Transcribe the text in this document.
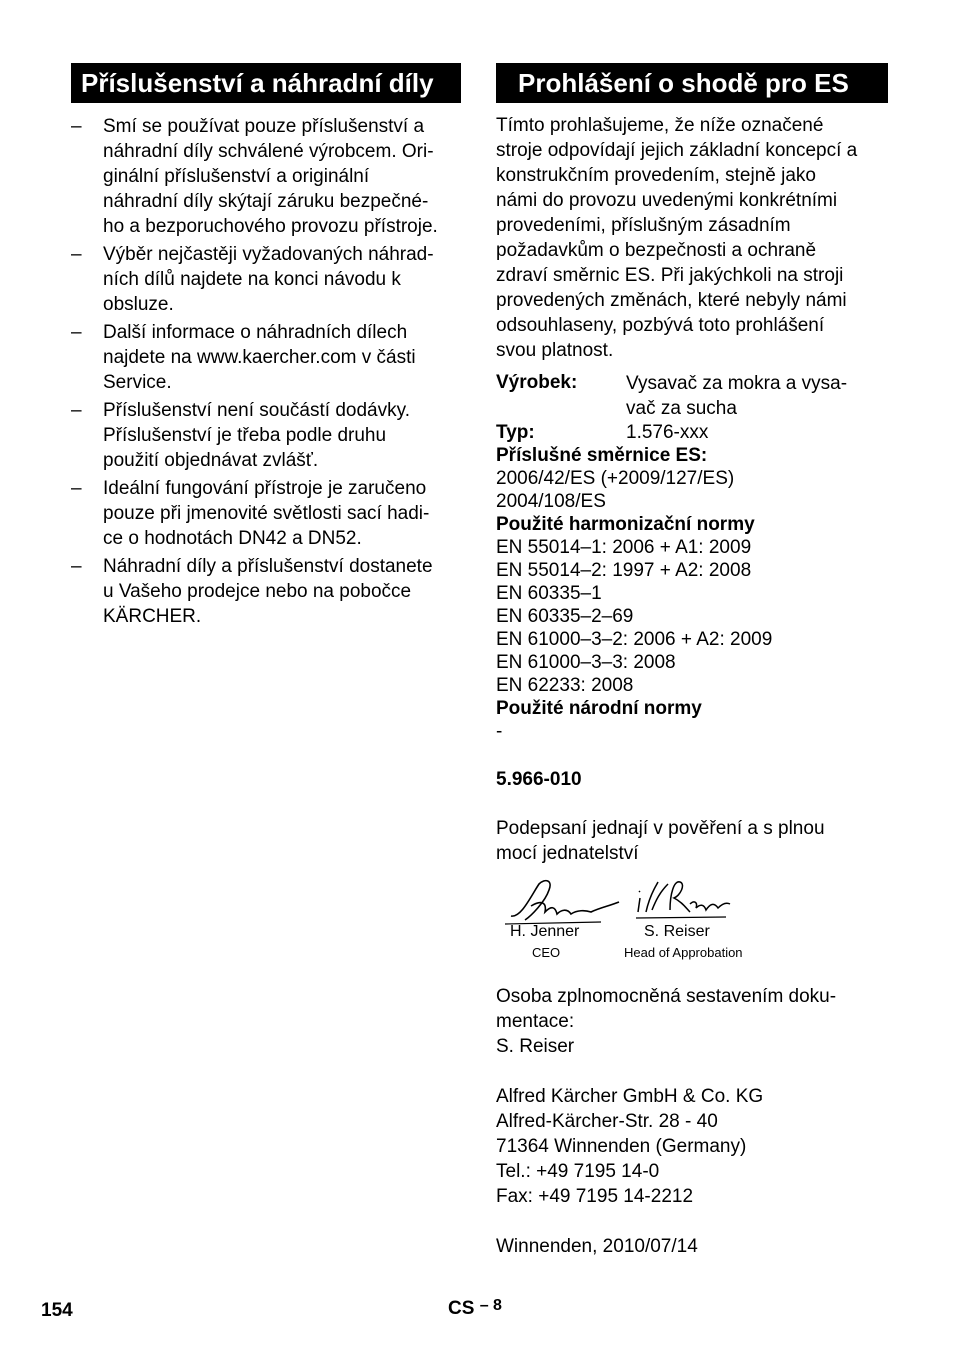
Příslušenství a náhradní díly
– Smí se používat pouze příslušenství a
náhradní díly schválené výrobcem. Ori-
ginální příslušenství a originální
náhradní díly skýtají záruku bezpečné-
ho a bezporuchového provozu přístroje.
– Výběr nejčastěji vyžadovaných náhrad-
ních dílů najdete na konci návodu k
obsluze.
– Další informace o náhradních dílech
najdete na www.kaercher.com v části
Service.
– Příslušenství není součástí dodávky.
Příslušenství je třeba podle druhu
použití objednávat zvlášť.
– Ideální fungování přístroje je zaručeno
pouze při jmenovité světlosti sací hadi-
ce o hodnotách DN42 a DN52.
– Náhradní díly a příslušenství dostanete
u Vašeho prodejce nebo na pobočce
KÄRCHER.
Prohlášení o shodě pro ES
Tímto prohlašujeme, že níže označené
stroje odpovídají jejich základní koncepcí a
konstrukčním provedením, stejně jako
námi do provozu uvedenými konkrétními
provedeními, příslušným zásadním
požadavkům o bezpečnosti a ochraně
zdraví směrnic ES. Při jakýchkoli na stroji
provedených změnách, které nebyly námi
odsouhlaseny, pozbývá toto prohlášení
svou platnost.
Výrobek:	Vysavač za mokra a vysa-
vač za sucha
Typ:	1.576-xxx
Příslušné směrnice ES:
2006/42/ES (+2009/127/ES)
2004/108/ES
Použité harmonizační normy
EN 55014–1: 2006 + A1: 2009
EN 55014–2: 1997 + A2: 2008
EN 60335–1
EN 60335–2–69
EN 61000–3–2: 2006 + A2: 2009
EN 61000–3–3: 2008
EN 62233: 2008
Použité národní normy
-
5.966-010
Podepsaní jednají v pověření a s plnou
mocí jednatelství
H. Jenner
CEO
S. Reiser
Head of Approbation
Osoba zplnomocněná sestavením doku-
mentace:
S. Reiser
Alfred Kärcher GmbH & Co. KG
Alfred-Kärcher-Str. 28 - 40
71364 Winnenden (Germany)
Tel.: +49 7195 14-0
Fax: +49 7195 14-2212
Winnenden, 2010/07/14
154	CS $^{- 8}$
